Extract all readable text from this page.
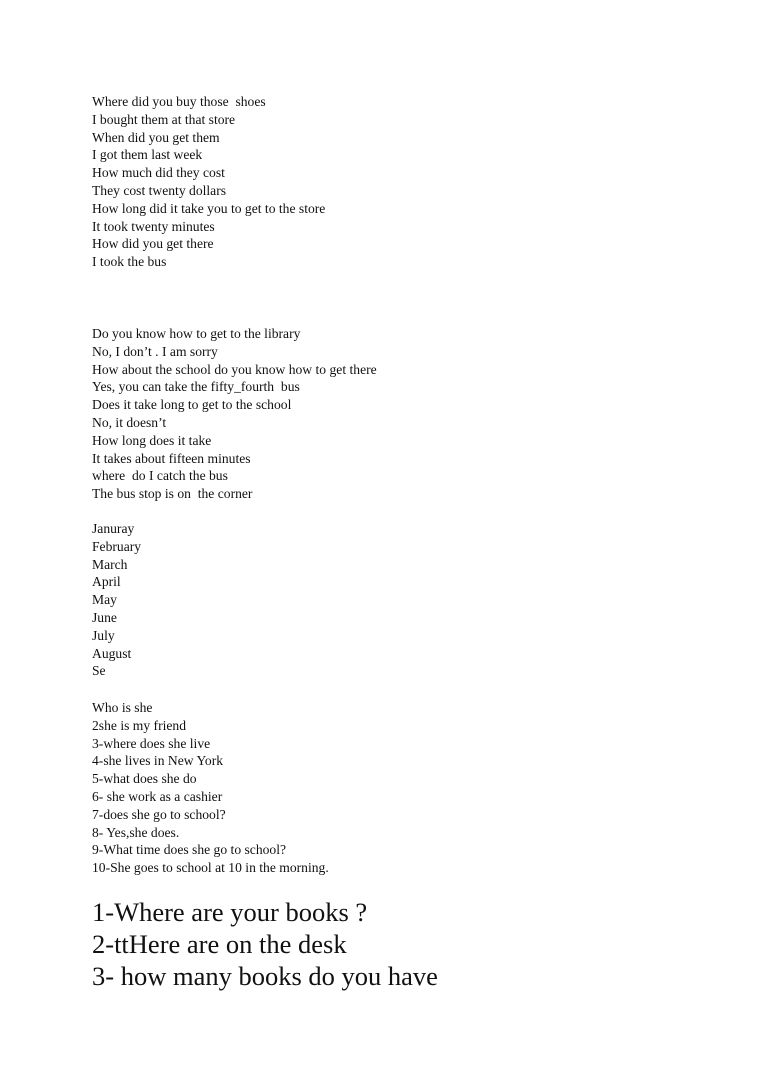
Where did you buy those  shoes
I bought them at that store
When did you get them
I got them last week
How much did they cost
They cost twenty dollars
How long did it take you to get to the store
It took twenty minutes
How did you get there
I took the bus
Do you know how to get to the library
No, I don’t . I am sorry
How about the school do you know how to get there
Yes, you can take the fifty_fourth  bus
Does it take long to get to the school
No, it doesn’t
How long does it take
It takes about fifteen minutes
where  do I catch the bus
The bus stop is on  the corner
Januray
February
March
April
May
June
July
August
Se
Who is she
2she is my friend
3-where does she live
4-she lives in New York
5-what does she do
6- she work as a cashier
7-does she go to school?
8- Yes,she does.
9-What time does she go to school?
10-She goes to school at 10 in the morning.
1-Where are your books ?
2-ttHere are on the desk
3- how many books do you have
